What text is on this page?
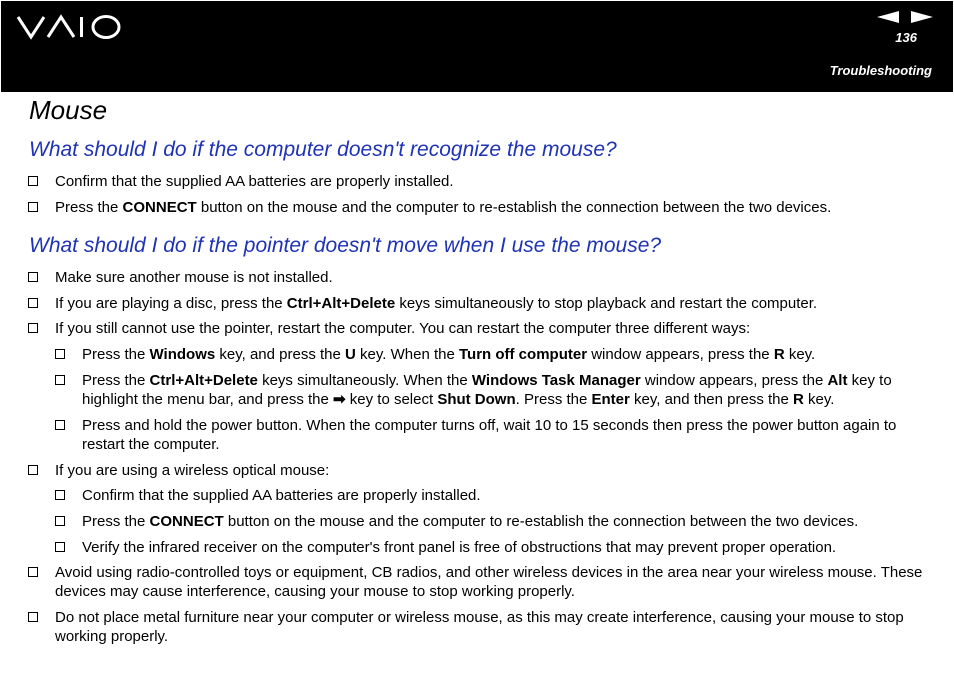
136
Troubleshooting
Mouse
What should I do if the computer doesn't recognize the mouse?
Confirm that the supplied AA batteries are properly installed.
Press the CONNECT button on the mouse and the computer to re-establish the connection between the two devices.
What should I do if the pointer doesn't move when I use the mouse?
Make sure another mouse is not installed.
If you are playing a disc, press the Ctrl+Alt+Delete keys simultaneously to stop playback and restart the computer.
If you still cannot use the pointer, restart the computer. You can restart the computer three different ways:
Press the Windows key, and press the U key. When the Turn off computer window appears, press the R key.
Press the Ctrl+Alt+Delete keys simultaneously. When the Windows Task Manager window appears, press the Alt key to highlight the menu bar, and press the ➡ key to select Shut Down. Press the Enter key, and then press the R key.
Press and hold the power button. When the computer turns off, wait 10 to 15 seconds then press the power button again to restart the computer.
If you are using a wireless optical mouse:
Confirm that the supplied AA batteries are properly installed.
Press the CONNECT button on the mouse and the computer to re-establish the connection between the two devices.
Verify the infrared receiver on the computer's front panel is free of obstructions that may prevent proper operation.
Avoid using radio-controlled toys or equipment, CB radios, and other wireless devices in the area near your wireless mouse. These devices may cause interference, causing your mouse to stop working properly.
Do not place metal furniture near your computer or wireless mouse, as this may create interference, causing your mouse to stop working properly.
